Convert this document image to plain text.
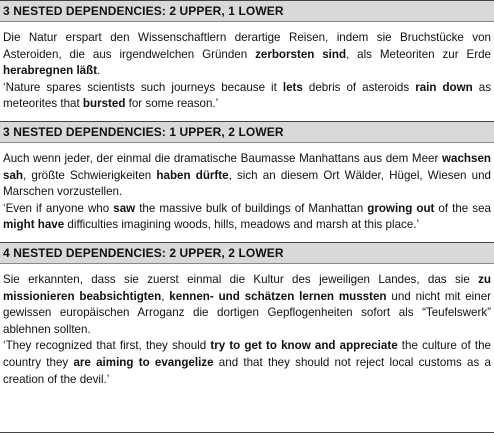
3 NESTED DEPENDENCIES: 2 UPPER, 1 LOWER

Die Natur erspart den Wissenschaftlern derartige Reisen, indem sie Bruchstücke von Asteroiden, die aus irgendwelchen Gründen zerborsten sind, als Meteoriten zur Erde herabregnen läßt.

‘Nature spares scientists such journeys because it lets debris of asteroids rain down as meteorites that bursted for some reason.’

3 NESTED DEPENDENCIES: 1 UPPER, 2 LOWER

Auch wenn jeder, der einmal die dramatische Baumasse Manhattans aus dem Meer wachsen sah, größte Schwierigkeiten haben dürfte, sich an diesem Ort Wälder, Hügel, Wiesen und Marschen vorzustellen.

‘Even if anyone who saw the massive bulk of buildings of Manhattan growing out of the sea might have difficulties imagining woods, hills, meadows and marsh at this place.’

4 NESTED DEPENDENCIES: 2 UPPER, 2 LOWER

Sie erkannten, dass sie zuerst einmal die Kultur des jeweiligen Landes, das sie zu missionieren beabsichtigten, kennen- und schätzen lernen mussten und nicht mit einer gewissen europäischen Arroganz die dortigen Gepflogenheiten sofort als “Teufelswerk” ablehnen sollten.

‘They recognized that first, they should try to get to know and appreciate the culture of the country they are aiming to evangelize and that they should not reject local customs as a creation of the devil.’
